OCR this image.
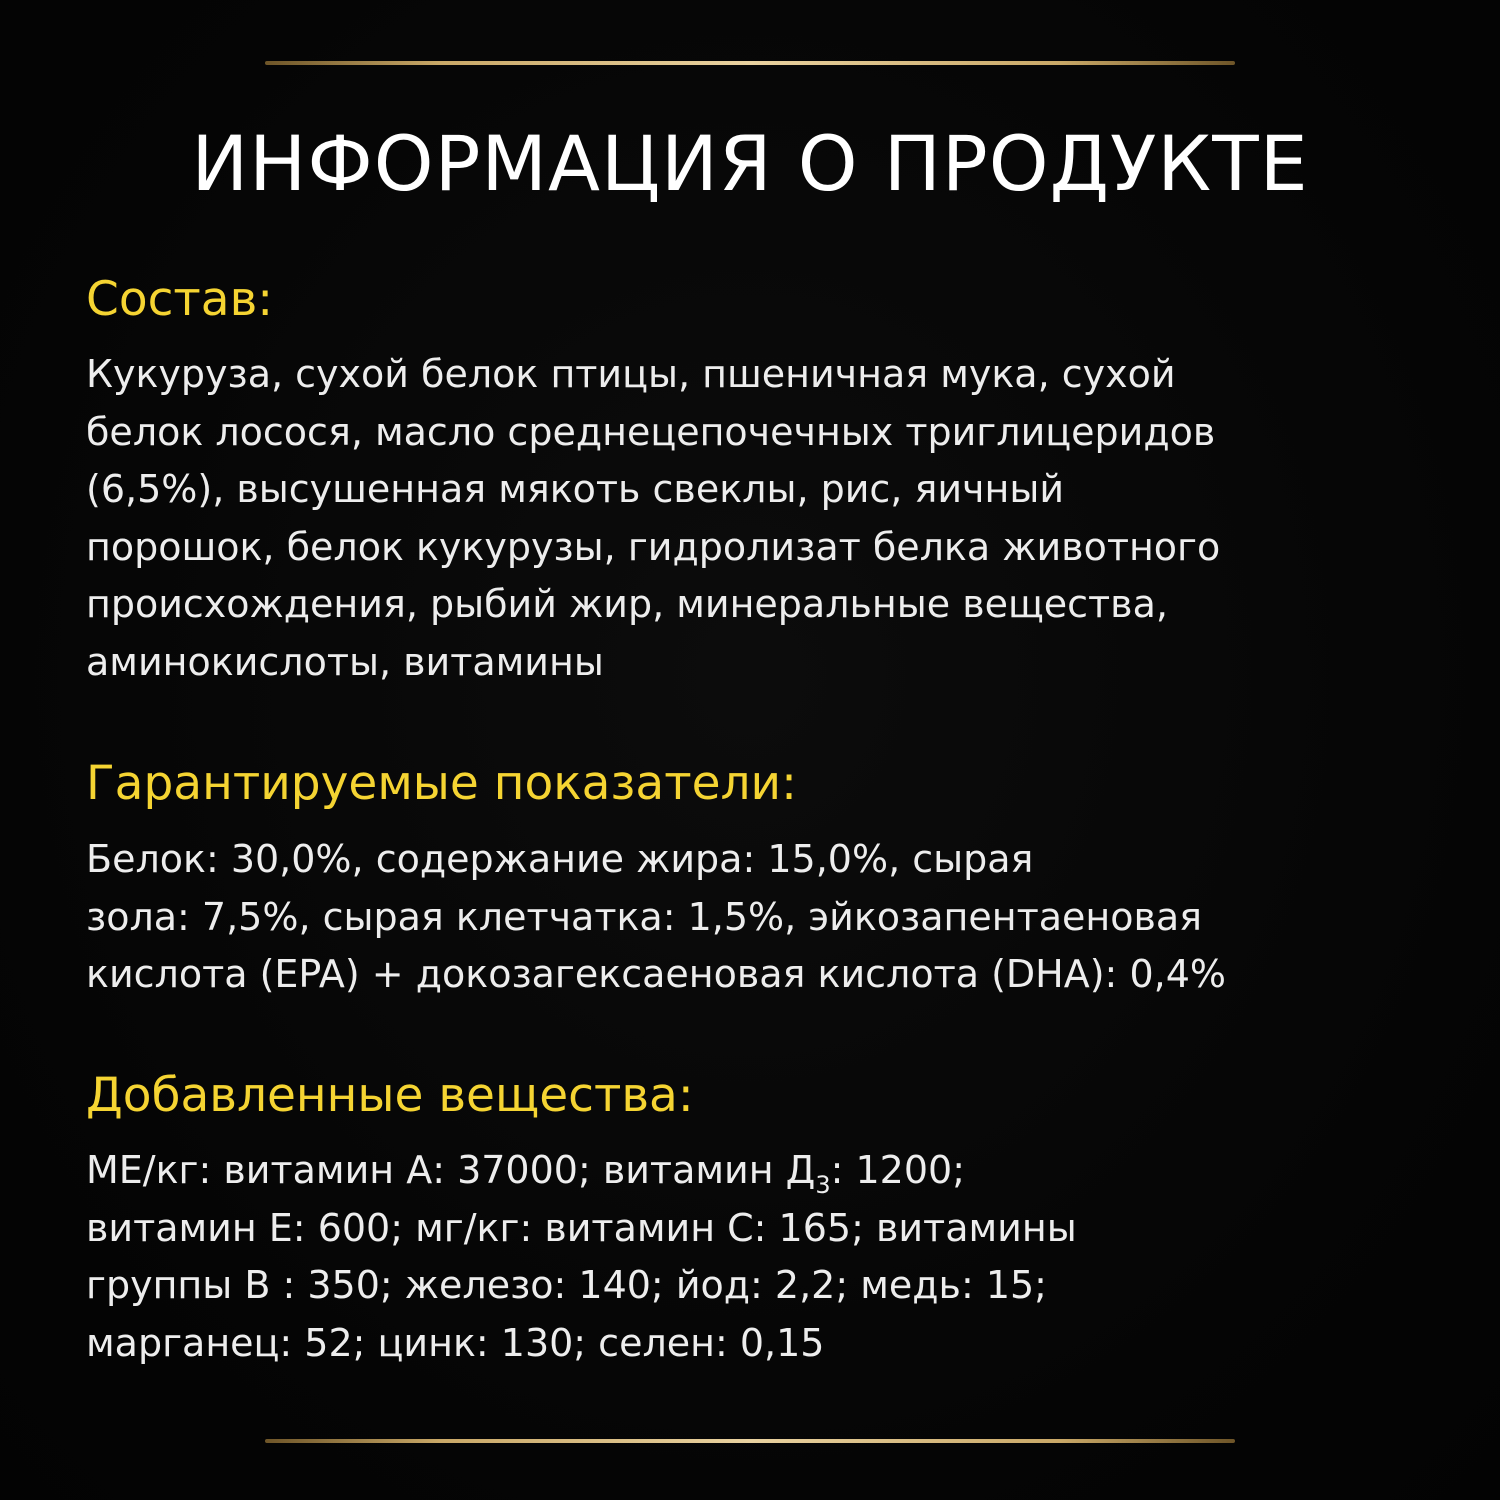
ИНФОРМАЦИЯ О ПРОДУКТЕ
Состав:

Кукуруза, сухой белок птицы, пшеничная мука, сухой
белок лосося, масло среднецепочечных триглицеридов
(6,5%), высушенная мякоть свеклы, рис, яичный
порошок, белок кукурузы, гидролизат белка животного
происхождения, рыбий жир, минеральные вещества,
аминокислоты, витамины

Гарантируемые показатели:

Белок: 30,0%, содержание жира: 15,0%, сырая
зола: 7,5%, сырая клетчатка: 1,5%, эйкозапентаеновая
кислота (EPA) + докозагексаеновая кислота (DHA): 0,4%

Добавленные вещества:

МЕ/кг: витамин А: 37000; витамин $Д_3$: 1200;
витамин Е: 600; мг/кг: витамин С: 165; витамины
группы В : 350; железо: 140; йод: 2,2; медь: 15;
марганец: 52; цинк: 130; селен: 0,15
